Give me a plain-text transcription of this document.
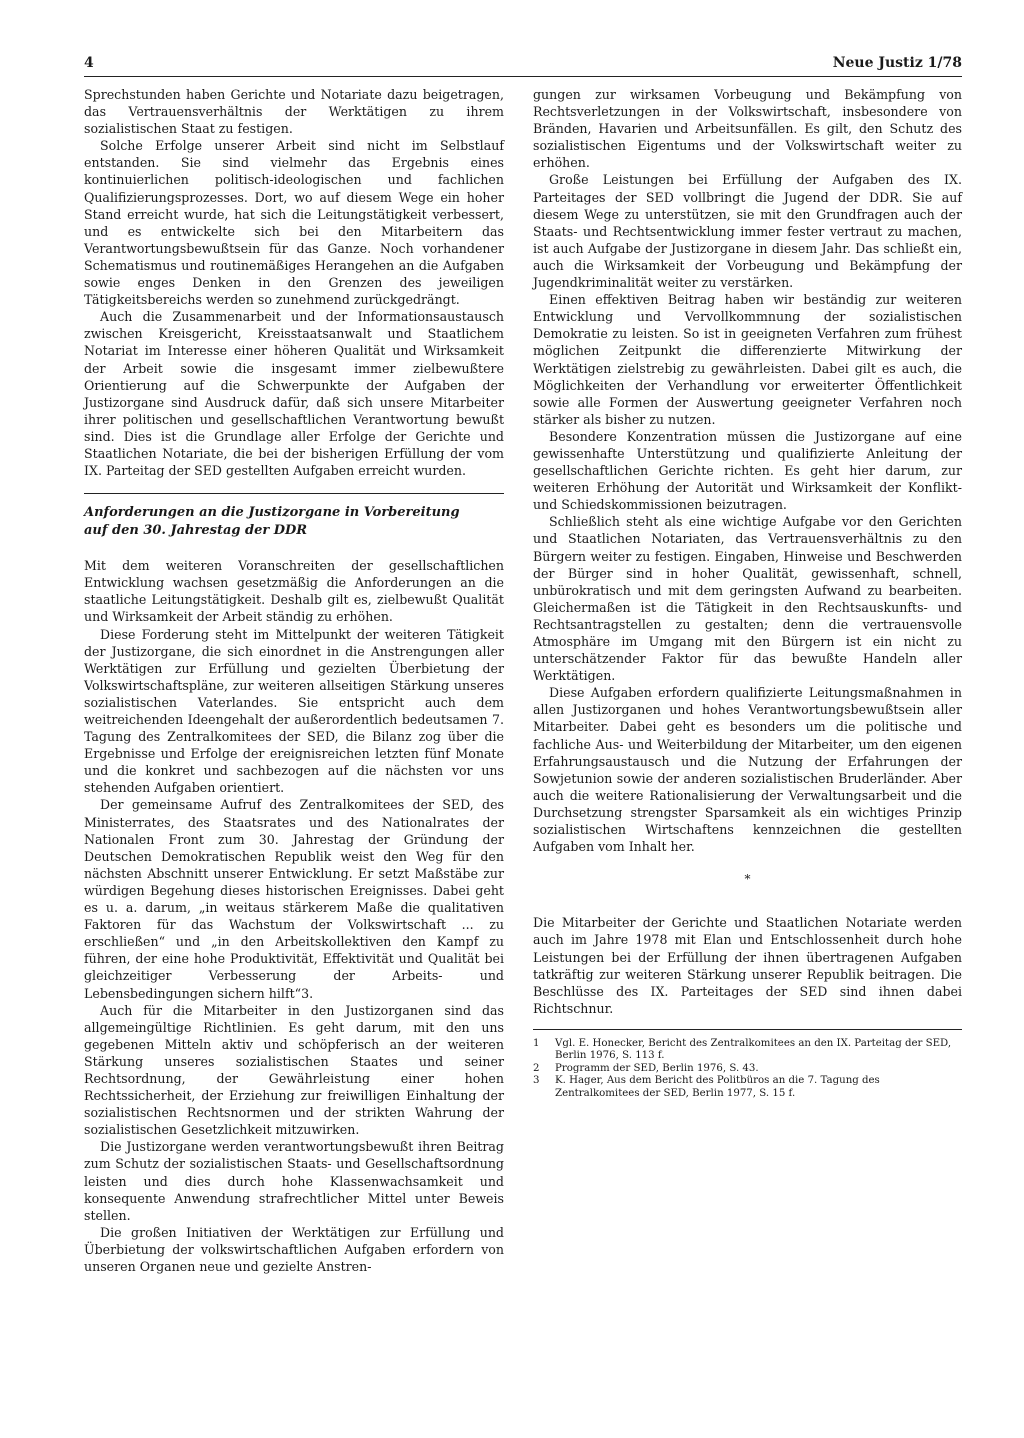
4	Neue Justiz 1/78

Sprechstunden haben Gerichte und Notariate dazu beigetragen, das Vertrauensverhältnis der Werktätigen zu ihrem sozialistischen Staat zu festigen.

Solche Erfolge unserer Arbeit sind nicht im Selbstlauf entstanden. Sie sind vielmehr das Ergebnis eines kontinuierlichen politisch-ideologischen und fachlichen Qualifizierungsprozesses. Dort, wo auf diesem Wege ein hoher Stand erreicht wurde, hat sich die Leitungstätigkeit verbessert, und es entwickelte sich bei den Mitarbeitern das Verantwortungsbewußtsein für das Ganze. Noch vorhandener Schematismus und routinemäßiges Herangehen an die Aufgaben sowie enges Denken in den Grenzen des jeweiligen Tätigkeitsbereichs werden so zunehmend zurückgedrängt.

Auch die Zusammenarbeit und der Informationsaustausch zwischen Kreisgericht, Kreisstaatsanwalt und Staatlichem Notariat im Interesse einer höheren Qualität und Wirksamkeit der Arbeit sowie die insgesamt immer zielbewußtere Orientierung auf die Schwerpunkte der Aufgaben der Justizorgane sind Ausdruck dafür, daß sich unsere Mitarbeiter ihrer politischen und gesellschaftlichen Verantwortung bewußt sind. Dies ist die Grundlage aller Erfolge der Gerichte und Staatlichen Notariate, die bei der bisherigen Erfüllung der vom IX. Parteitag der SED gestellten Aufgaben erreicht wurden.

Anforderungen an die Justizorgane in Vorbereitung
auf den 30. Jahrestag der DDR

Mit dem weiteren Voranschreiten der gesellschaftlichen Entwicklung wachsen gesetzmäßig die Anforderungen an die staatliche Leitungstätigkeit. Deshalb gilt es, zielbewußt Qualität und Wirksamkeit der Arbeit ständig zu erhöhen.

Diese Forderung steht im Mittelpunkt der weiteren Tätigkeit der Justizorgane, die sich einordnet in die Anstrengungen aller Werktätigen zur Erfüllung und gezielten Überbietung der Volkswirtschaftspläne, zur weiteren allseitigen Stärkung unseres sozialistischen Vaterlandes. Sie entspricht auch dem weitreichenden Ideengehalt der außerordentlich bedeutsamen 7. Tagung des Zentralkomitees der SED, die Bilanz zog über die Ergebnisse und Erfolge der ereignisreichen letzten fünf Monate und die konkret und sachbezogen auf die nächsten vor uns stehenden Aufgaben orientiert.

Der gemeinsame Aufruf des Zentralkomitees der SED, des Ministerrates, des Staatsrates und des Nationalrates der Nationalen Front zum 30. Jahrestag der Gründung der Deutschen Demokratischen Republik weist den Weg für den nächsten Abschnitt unserer Entwicklung. Er setzt Maßstäbe zur würdigen Begehung dieses historischen Ereignisses. Dabei geht es u. a. darum, „in weitaus stärkerem Maße die qualitativen Faktoren für das Wachstum der Volkswirtschaft ... zu erschließen“ und „in den Arbeitskollektiven den Kampf zu führen, der eine hohe Produktivität, Effektivität und Qualität bei gleichzeitiger Verbesserung der Arbeits- und Lebensbedingungen sichern hilft“3.

Auch für die Mitarbeiter in den Justizorganen sind das allgemeingültige Richtlinien. Es geht darum, mit den uns gegebenen Mitteln aktiv und schöpferisch an der weiteren Stärkung unseres sozialistischen Staates und seiner Rechtsordnung, der Gewährleistung einer hohen Rechtssicherheit, der Erziehung zur freiwilligen Einhaltung der sozialistischen Rechtsnormen und der strikten Wahrung der sozialistischen Gesetzlichkeit mitzuwirken.

Die Justizorgane werden verantwortungsbewußt ihren Beitrag zum Schutz der sozialistischen Staats- und Gesellschaftsordnung leisten und dies durch hohe Klassenwachsamkeit und konsequente Anwendung strafrechtlicher Mittel unter Beweis stellen.

Die großen Initiativen der Werktätigen zur Erfüllung und Überbietung der volkswirtschaftlichen Aufgaben erfordern von unseren Organen neue und gezielte Anstren-

gungen zur wirksamen Vorbeugung und Bekämpfung von Rechtsverletzungen in der Volkswirtschaft, insbesondere von Bränden, Havarien und Arbeitsunfällen. Es gilt, den Schutz des sozialistischen Eigentums und der Volkswirtschaft weiter zu erhöhen.

Große Leistungen bei Erfüllung der Aufgaben des IX. Parteitages der SED vollbringt die Jugend der DDR. Sie auf diesem Wege zu unterstützen, sie mit den Grundfragen auch der Staats- und Rechtsentwicklung immer fester vertraut zu machen, ist auch Aufgabe der Justizorgane in diesem Jahr. Das schließt ein, auch die Wirksamkeit der Vorbeugung und Bekämpfung der Jugendkriminalität weiter zu verstärken.

Einen effektiven Beitrag haben wir beständig zur weiteren Entwicklung und Vervollkommnung der sozialistischen Demokratie zu leisten. So ist in geeigneten Verfahren zum frühest möglichen Zeitpunkt die differenzierte Mitwirkung der Werktätigen zielstrebig zu gewährleisten. Dabei gilt es auch, die Möglichkeiten der Verhandlung vor erweiterter Öffentlichkeit sowie alle Formen der Auswertung geeigneter Verfahren noch stärker als bisher zu nutzen.

Besondere Konzentration müssen die Justizorgane auf eine gewissenhafte Unterstützung und qualifizierte Anleitung der gesellschaftlichen Gerichte richten. Es geht hier darum, zur weiteren Erhöhung der Autorität und Wirksamkeit der Konflikt- und Schiedskommissionen beizutragen.

Schließlich steht als eine wichtige Aufgabe vor den Gerichten und Staatlichen Notariaten, das Vertrauensverhältnis zu den Bürgern weiter zu festigen. Eingaben, Hinweise und Beschwerden der Bürger sind in hoher Qualität, gewissenhaft, schnell, unbürokratisch und mit dem geringsten Aufwand zu bearbeiten. Gleichermaßen ist die Tätigkeit in den Rechtsauskunfts- und Rechtsantragstellen zu gestalten; denn die vertrauensvolle Atmosphäre im Umgang mit den Bürgern ist ein nicht zu unterschätzender Faktor für das bewußte Handeln aller Werktätigen.

Diese Aufgaben erfordern qualifizierte Leitungsmaßnahmen in allen Justizorganen und hohes Verantwortungsbewußtsein aller Mitarbeiter. Dabei geht es besonders um die politische und fachliche Aus- und Weiterbildung der Mitarbeiter, um den eigenen Erfahrungsaustausch und die Nutzung der Erfahrungen der Sowjetunion sowie der anderen sozialistischen Bruderländer. Aber auch die weitere Rationalisierung der Verwaltungsarbeit und die Durchsetzung strengster Sparsamkeit als ein wichtiges Prinzip sozialistischen Wirtschaftens kennzeichnen die gestellten Aufgaben vom Inhalt her.

*

Die Mitarbeiter der Gerichte und Staatlichen Notariate werden auch im Jahre 1978 mit Elan und Entschlossenheit durch hohe Leistungen bei der Erfüllung der ihnen übertragenen Aufgaben tatkräftig zur weiteren Stärkung unserer Republik beitragen. Die Beschlüsse des IX. Parteitages der SED sind ihnen dabei Richtschnur.

1	Vgl. E. Honecker, Bericht des Zentralkomitees an den IX. Parteitag der SED, Berlin 1976, S. 113 f.
2	Programm der SED, Berlin 1976, S. 43.
3	K. Hager, Aus dem Bericht des Politbüros an die 7. Tagung des Zentralkomitees der SED, Berlin 1977, S. 15 f.
